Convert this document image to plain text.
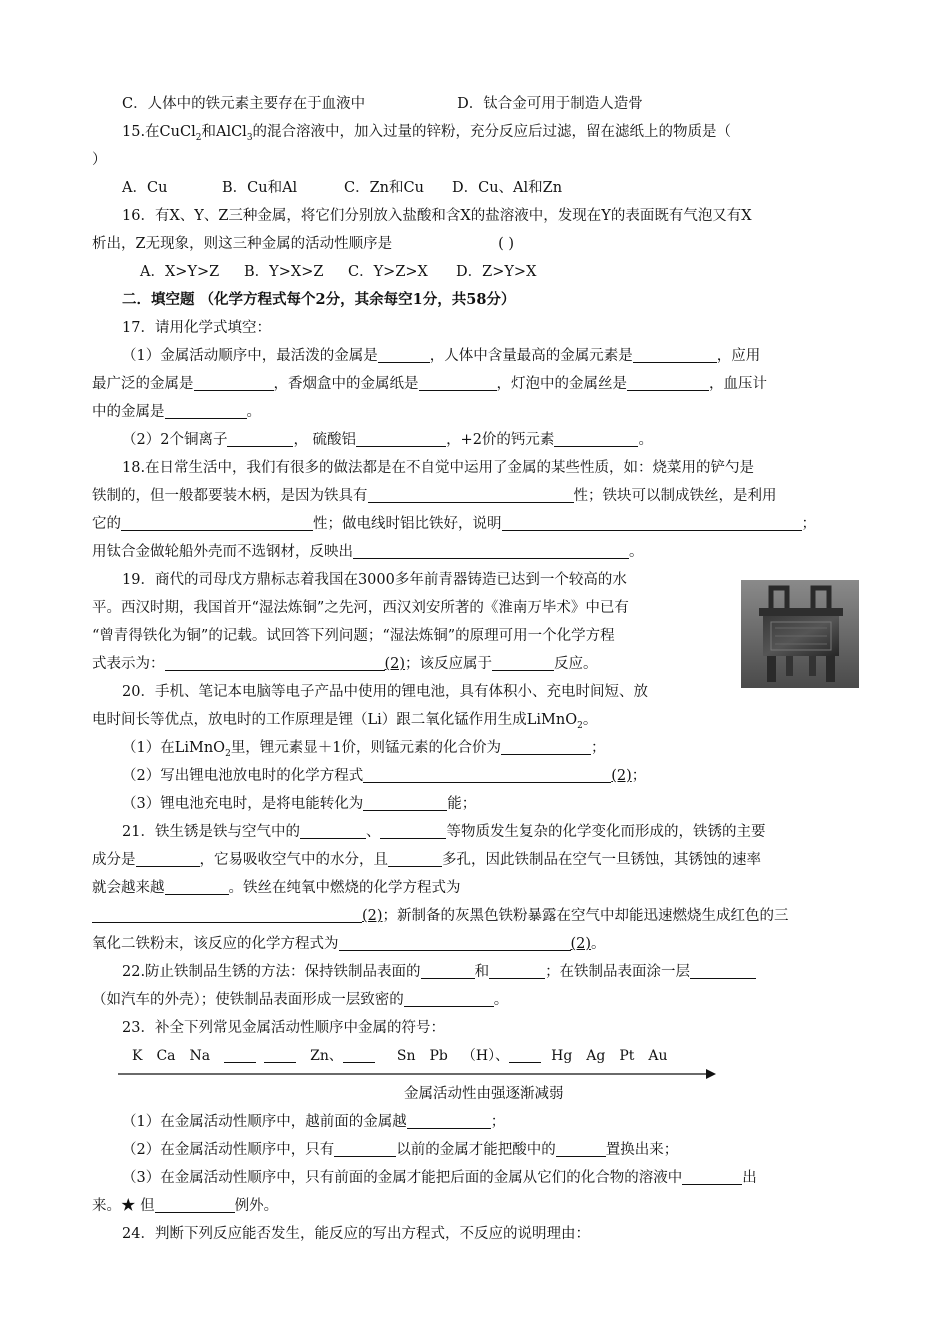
C．人体中的铁元素主要存在于血液中	D．钛合金可用于制造人造骨
15.在CuCl$_2$和AlCl$_3$的混合溶液中，加入过量的锌粉，充分反应后过滤，留在滤纸上的物质是（
）
A．Cu	B．Cu和Al	C．Zn和Cu D．Cu、Al和Zn
16．有X、Y、Z三种金属，将它们分别放入盐酸和含X的盐溶液中，发现在Y的表面既有气泡又有X
析出，Z无现象，则这三种金属的活动性顺序是	( )
A．X>Y>Z B．Y>X>Z C．Y>Z>X D．Z>Y>X
二．填空题 （化学方程式每个2分，其余每空1分，共58分）
17．请用化学式填空：
（1）金属活动顺序中，最活泼的金属是	，人体中含量最高的金属元素是	，应用
最广泛的金属是	，香烟盒中的金属纸是	，灯泡中的金属丝是	，血压计
中的金属是	。
（2）2个铜离子	， 硫酸铝	，+2价的钙元素	。
18.在日常生活中，我们有很多的做法都是在不自觉中运用了金属的某些性质，如：烧菜用的铲勺是
铁制的，但一般都要装木柄，是因为铁具有	性；铁块可以制成铁丝，是利用
它的	性；做电线时铝比铁好，说明	；
用钛合金做轮船外壳而不选钢材，反映出	。
19．商代的司母戊方鼎标志着我国在3000多年前青器铸造已达到一个较高的水
平。西汉时期，我国首开“湿法炼铜”之先河，西汉刘安所著的《淮南万毕术》中已有
“曾青得铁化为铜”的记载。试回答下列问题；“湿法炼铜”的原理可用一个化学方程
式表示为：	(2)；该反应属于	反应。
20．手机、笔记本电脑等电子产品中使用的锂电池，具有体积小、充电时间短、放
电时间长等优点，放电时的工作原理是锂（Li）跟二氧化锰作用生成LiMnO$_2$。
（1）在LiMnO$_2$里，锂元素显＋1价，则锰元素的化合价为	；
（2）写出锂电池放电时的化学方程式	(2)；
（3）锂电池充电时，是将电能转化为	能；
21．铁生锈是铁与空气中的	、	等物质发生复杂的化学变化而形成的，铁锈的主要
成分是	，它易吸收空气中的水分，且	多孔，因此铁制品在空气一旦锈蚀，其锈蚀的速率
就会越来越	。铁丝在纯氧中燃烧的化学方程式为
(2)；新制备的灰黑色铁粉暴露在空气中却能迅速燃烧生成红色的三
氧化二铁粉末，该反应的化学方程式为	(2)。
22.防止铁制品生锈的方法：保持铁制品表面的	和	；在铁制品表面涂一层
（如汽车的外壳）；使铁制品表面形成一层致密的	。
23．补全下列常见金属活动性顺序中金属的符号：
K Ca Na	Zn、	Sn Pb （H）、	Hg Ag Pt Au
金属活动性由强逐渐减弱
（1）在金属活动性顺序中，越前面的金属越	；
（2）在金属活动性顺序中，只有	以前的金属才能把酸中的	置换出来；
（3）在金属活动性顺序中，只有前面的金属才能把后面的金属从它们的化合物的溶液中	出
来。★ 但	例外。
24．判断下列反应能否发生，能反应的写出方程式，不反应的说明理由：
